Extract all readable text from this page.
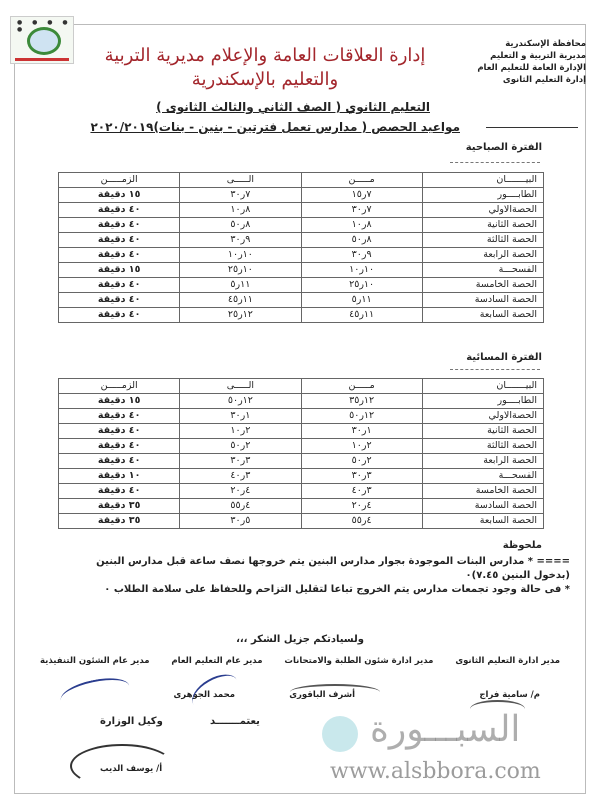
● ● ● ● ●
محافظة الإسكندرية
مديرية التربية و التعليم
الإدارة العامة للتعليم العام
إدارة التعليم الثانوى
إدارة العلاقات العامة والإعلام مديرية التربية والتعليم بالإسكندرية
التعليم الثانوي ( الصف الثاني والثالث الثانوى )
مواعيد الحصص ( مدارس تعمل فترتين - بنين - بنات)٢٠٢٠/٢٠١٩
الفترة الصباحية
البيـــــــان	مـــــن	الـــــى	الزمـــــن
الطابــــور	٧ر١٥	٧ر٣٠	١٥ دقيقة
الحصةالاولي	٧ر٣٠	٨ر١٠	٤٠ دقيقة
الحصة الثانية	٨ر١٠	٨ر٥٠	٤٠ دقيقة
الحصة الثالثة	٨ر٥٠	٩ر٣٠	٤٠ دقيقة
الحصة الرابعة	٩ر٣٠	١٠ر١٠	٤٠ دقيقة
الفسحـــة	١٠ر١٠	١٠ر٢٥	١٥ دقيقة
الحصة الخامسة	١٠ر٢٥	١١ر٥	٤٠ دقيقة
الحصة السادسة	١١ر٥	١١ر٤٥	٤٠ دقيقة
الحصة السابعة	١١ر٤٥	١٢ر٢٥	٤٠ دقيقة
الفترة المسائية
البيـــــــان	مـــــن	الـــــى	الزمـــــن
الطابــــور	١٢ر٣٥	١٢ر٥٠	١٥ دقيقة
الحصةالاولي	١٢ر٥٠	١ر٣٠	٤٠ دقيقة
الحصة الثانية	١ر٣٠	٢ر١٠	٤٠ دقيقة
الحصة الثالثة	٢ر١٠	٢ر٥٠	٤٠ دقيقة
الحصة الرابعة	٢ر٥٠	٣ر٣٠	٤٠ دقيقة
الفسحـــة	٣ر٣٠	٣ر٤٠	١٠ دقيقة
الحصة الخامسة	٣ر٤٠	٤ر٢٠	٤٠ دقيقة
الحصة السادسة	٤ر٢٠	٤ر٥٥	٣٥ دقيقة
الحصة السابعة	٤ر٥٥	٥ر٣٠	٣٥ دقيقة
ملحوظة
==== * مدارس البنات الموجودة بجوار مدارس البنين يتم خروجها نصف ساعة قبل مدارس البنين
(بدخول البنين ٧.٤٥)٠
* فى حالة وجود تجمعات مدارس يتم الخروج تباعا لتقليل التزاحم وللحفاظ على سلامة الطلاب ٠
ولسيادتكم جزيل الشكر ،،،
مدير ادارة التعليم الثانوى
مدير ادارة شئون الطلبة والامتحانات
مدير عام التعليم العام
مدير عام الشئون التنفيذية
م/ سامية فراج
أشرف الباقورى
محمد الجوهرى
يعتمـــــــد
وكيل الوزارة
أ/ يوسف الديب
السبـــورة
www.alsbbora.com
